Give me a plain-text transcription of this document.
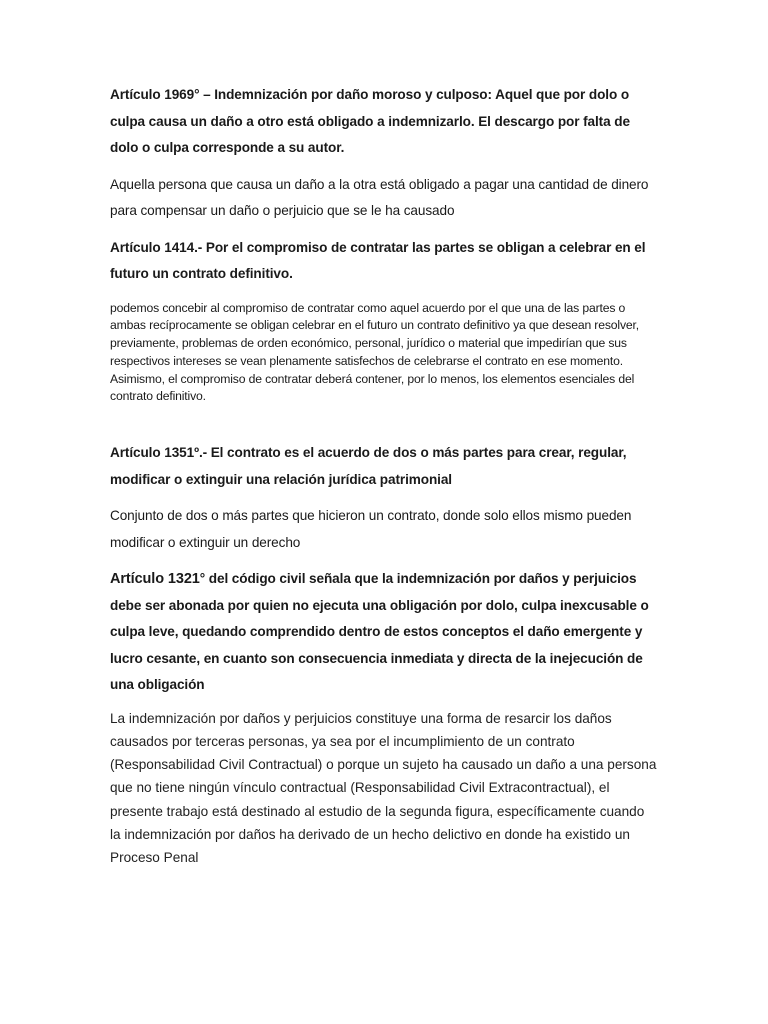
Artículo 1969° – Indemnización por daño moroso y culposo: Aquel que por dolo o culpa causa un daño a otro está obligado a indemnizarlo. El descargo por falta de dolo o culpa corresponde a su autor.

Aquella persona que causa un daño a la otra está obligado a pagar una cantidad de dinero para compensar un daño o perjuicio que se le ha causado

Artículo 1414.- Por el compromiso de contratar las partes se obligan a celebrar en el futuro un contrato definitivo.

podemos concebir al compromiso de contratar como aquel acuerdo por el que una de las partes o ambas recíprocamente se obligan celebrar en el futuro un contrato definitivo ya que desean resolver, previamente, problemas de orden económico, personal, jurídico o material que impedirían que sus respectivos intereses se vean plenamente satisfechos de celebrarse el contrato en ese momento. Asimismo, el compromiso de contratar deberá contener, por lo menos, los elementos esenciales del contrato definitivo.

Artículo 1351º.- El contrato es el acuerdo de dos o más partes para crear, regular, modificar o extinguir una relación jurídica patrimonial

Conjunto de dos o más partes que hicieron un contrato, donde solo ellos mismo pueden modificar o extinguir un derecho

Artículo 1321° del código civil señala que la indemnización por daños y perjuicios debe ser abonada por quien no ejecuta una obligación por dolo, culpa inexcusable o culpa leve, quedando comprendido dentro de estos conceptos el daño emergente y lucro cesante, en cuanto son consecuencia inmediata y directa de la inejecución de una obligación

La indemnización por daños y perjuicios constituye una forma de resarcir los daños causados por terceras personas, ya sea por el incumplimiento de un contrato (Responsabilidad Civil Contractual) o porque un sujeto ha causado un daño a una persona que no tiene ningún vínculo contractual (Responsabilidad Civil Extracontractual), el presente trabajo está destinado al estudio de la segunda figura, específicamente cuando la indemnización por daños ha derivado de un hecho delictivo en donde ha existido un Proceso Penal
